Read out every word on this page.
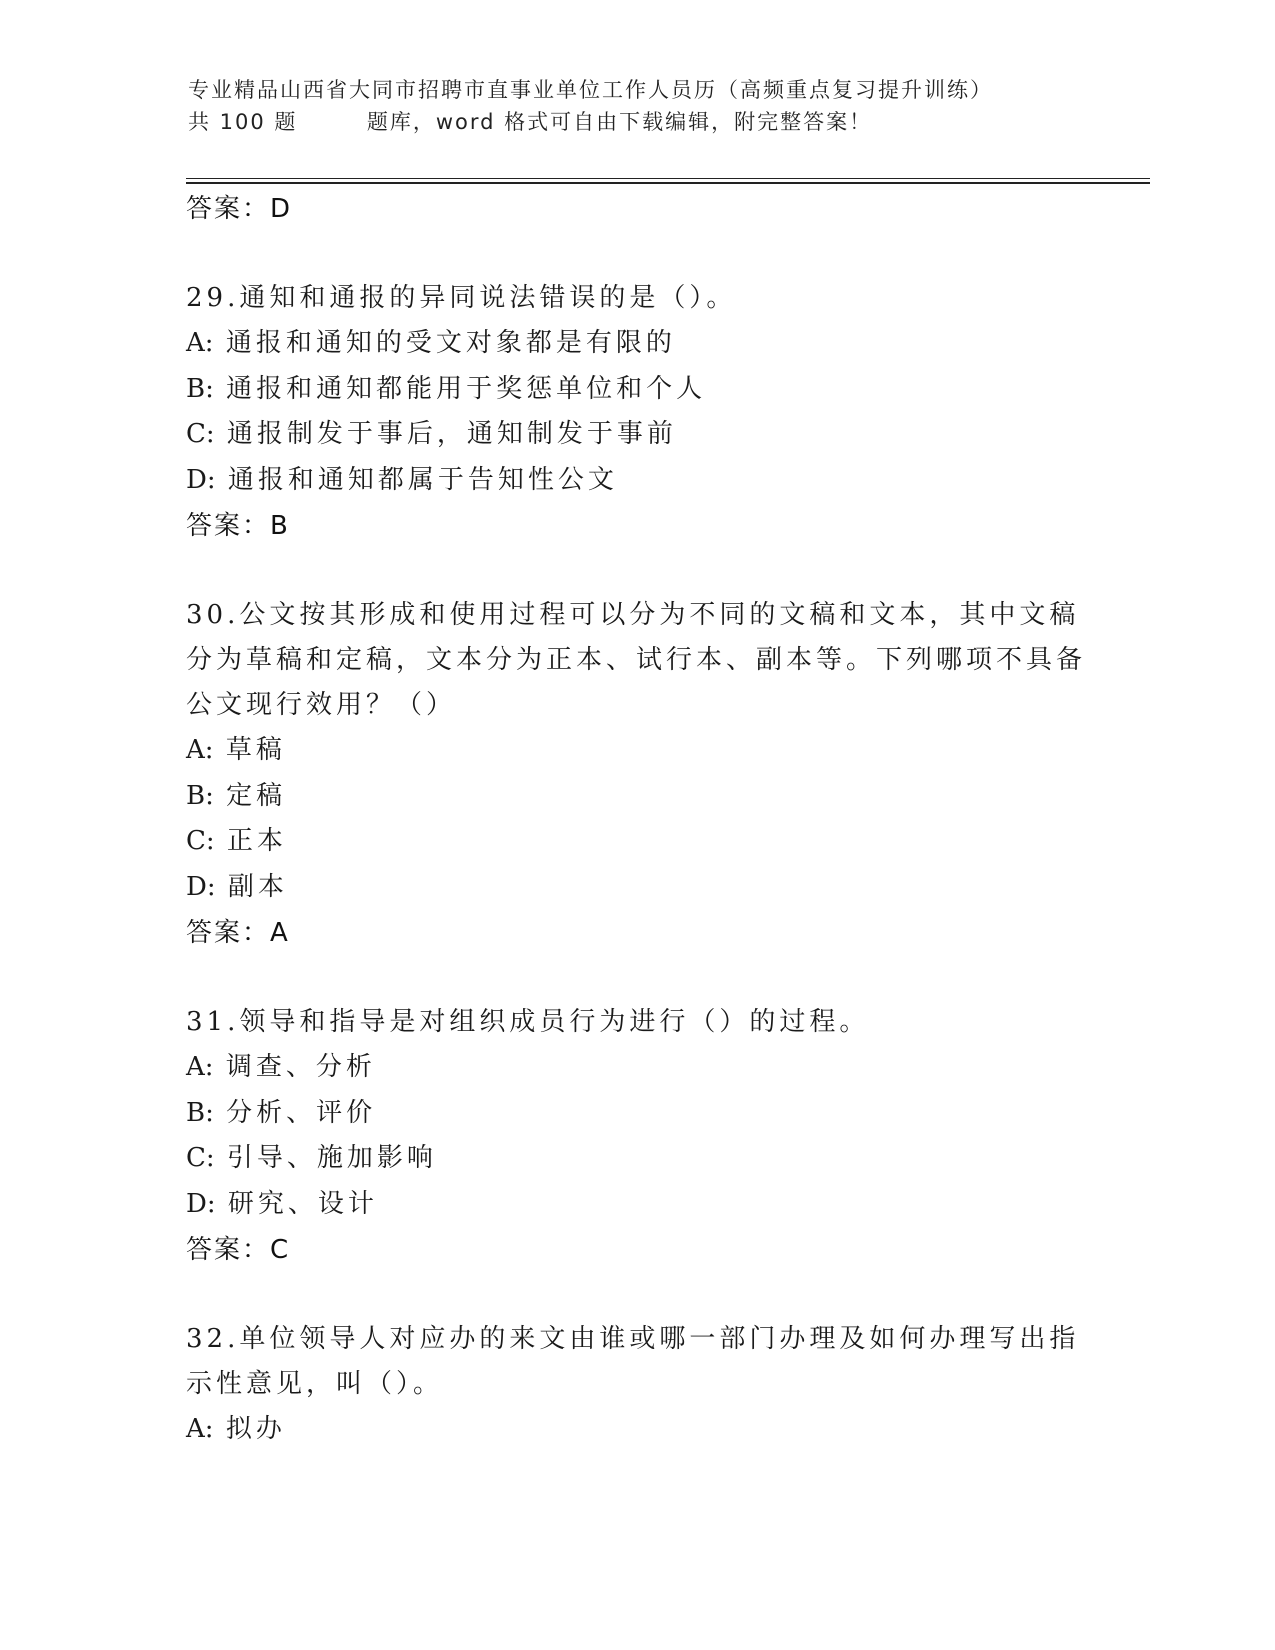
专业精品山西省大同市招聘市直事业单位工作人员历（高频重点复习提升训练）
共 100 题        题库，word 格式可自由下载编辑，附完整答案！
答案：D
29.通知和通报的异同说法错误的是（）。
A: 通报和通知的受文对象都是有限的
B: 通报和通知都能用于奖惩单位和个人
C: 通报制发于事后，通知制发于事前
D: 通报和通知都属于告知性公文
答案：B
30.公文按其形成和使用过程可以分为不同的文稿和文本，其中文稿分为草稿和定稿，文本分为正本、试行本、副本等。下列哪项不具备公文现行效用？（）
A: 草稿
B: 定稿
C: 正本
D: 副本
答案：A
31.领导和指导是对组织成员行为进行（）的过程。
A: 调查、分析
B: 分析、评价
C: 引导、施加影响
D: 研究、设计
答案：C
32.单位领导人对应办的来文由谁或哪一部门办理及如何办理写出指示性意见，叫（）。
A: 拟办
